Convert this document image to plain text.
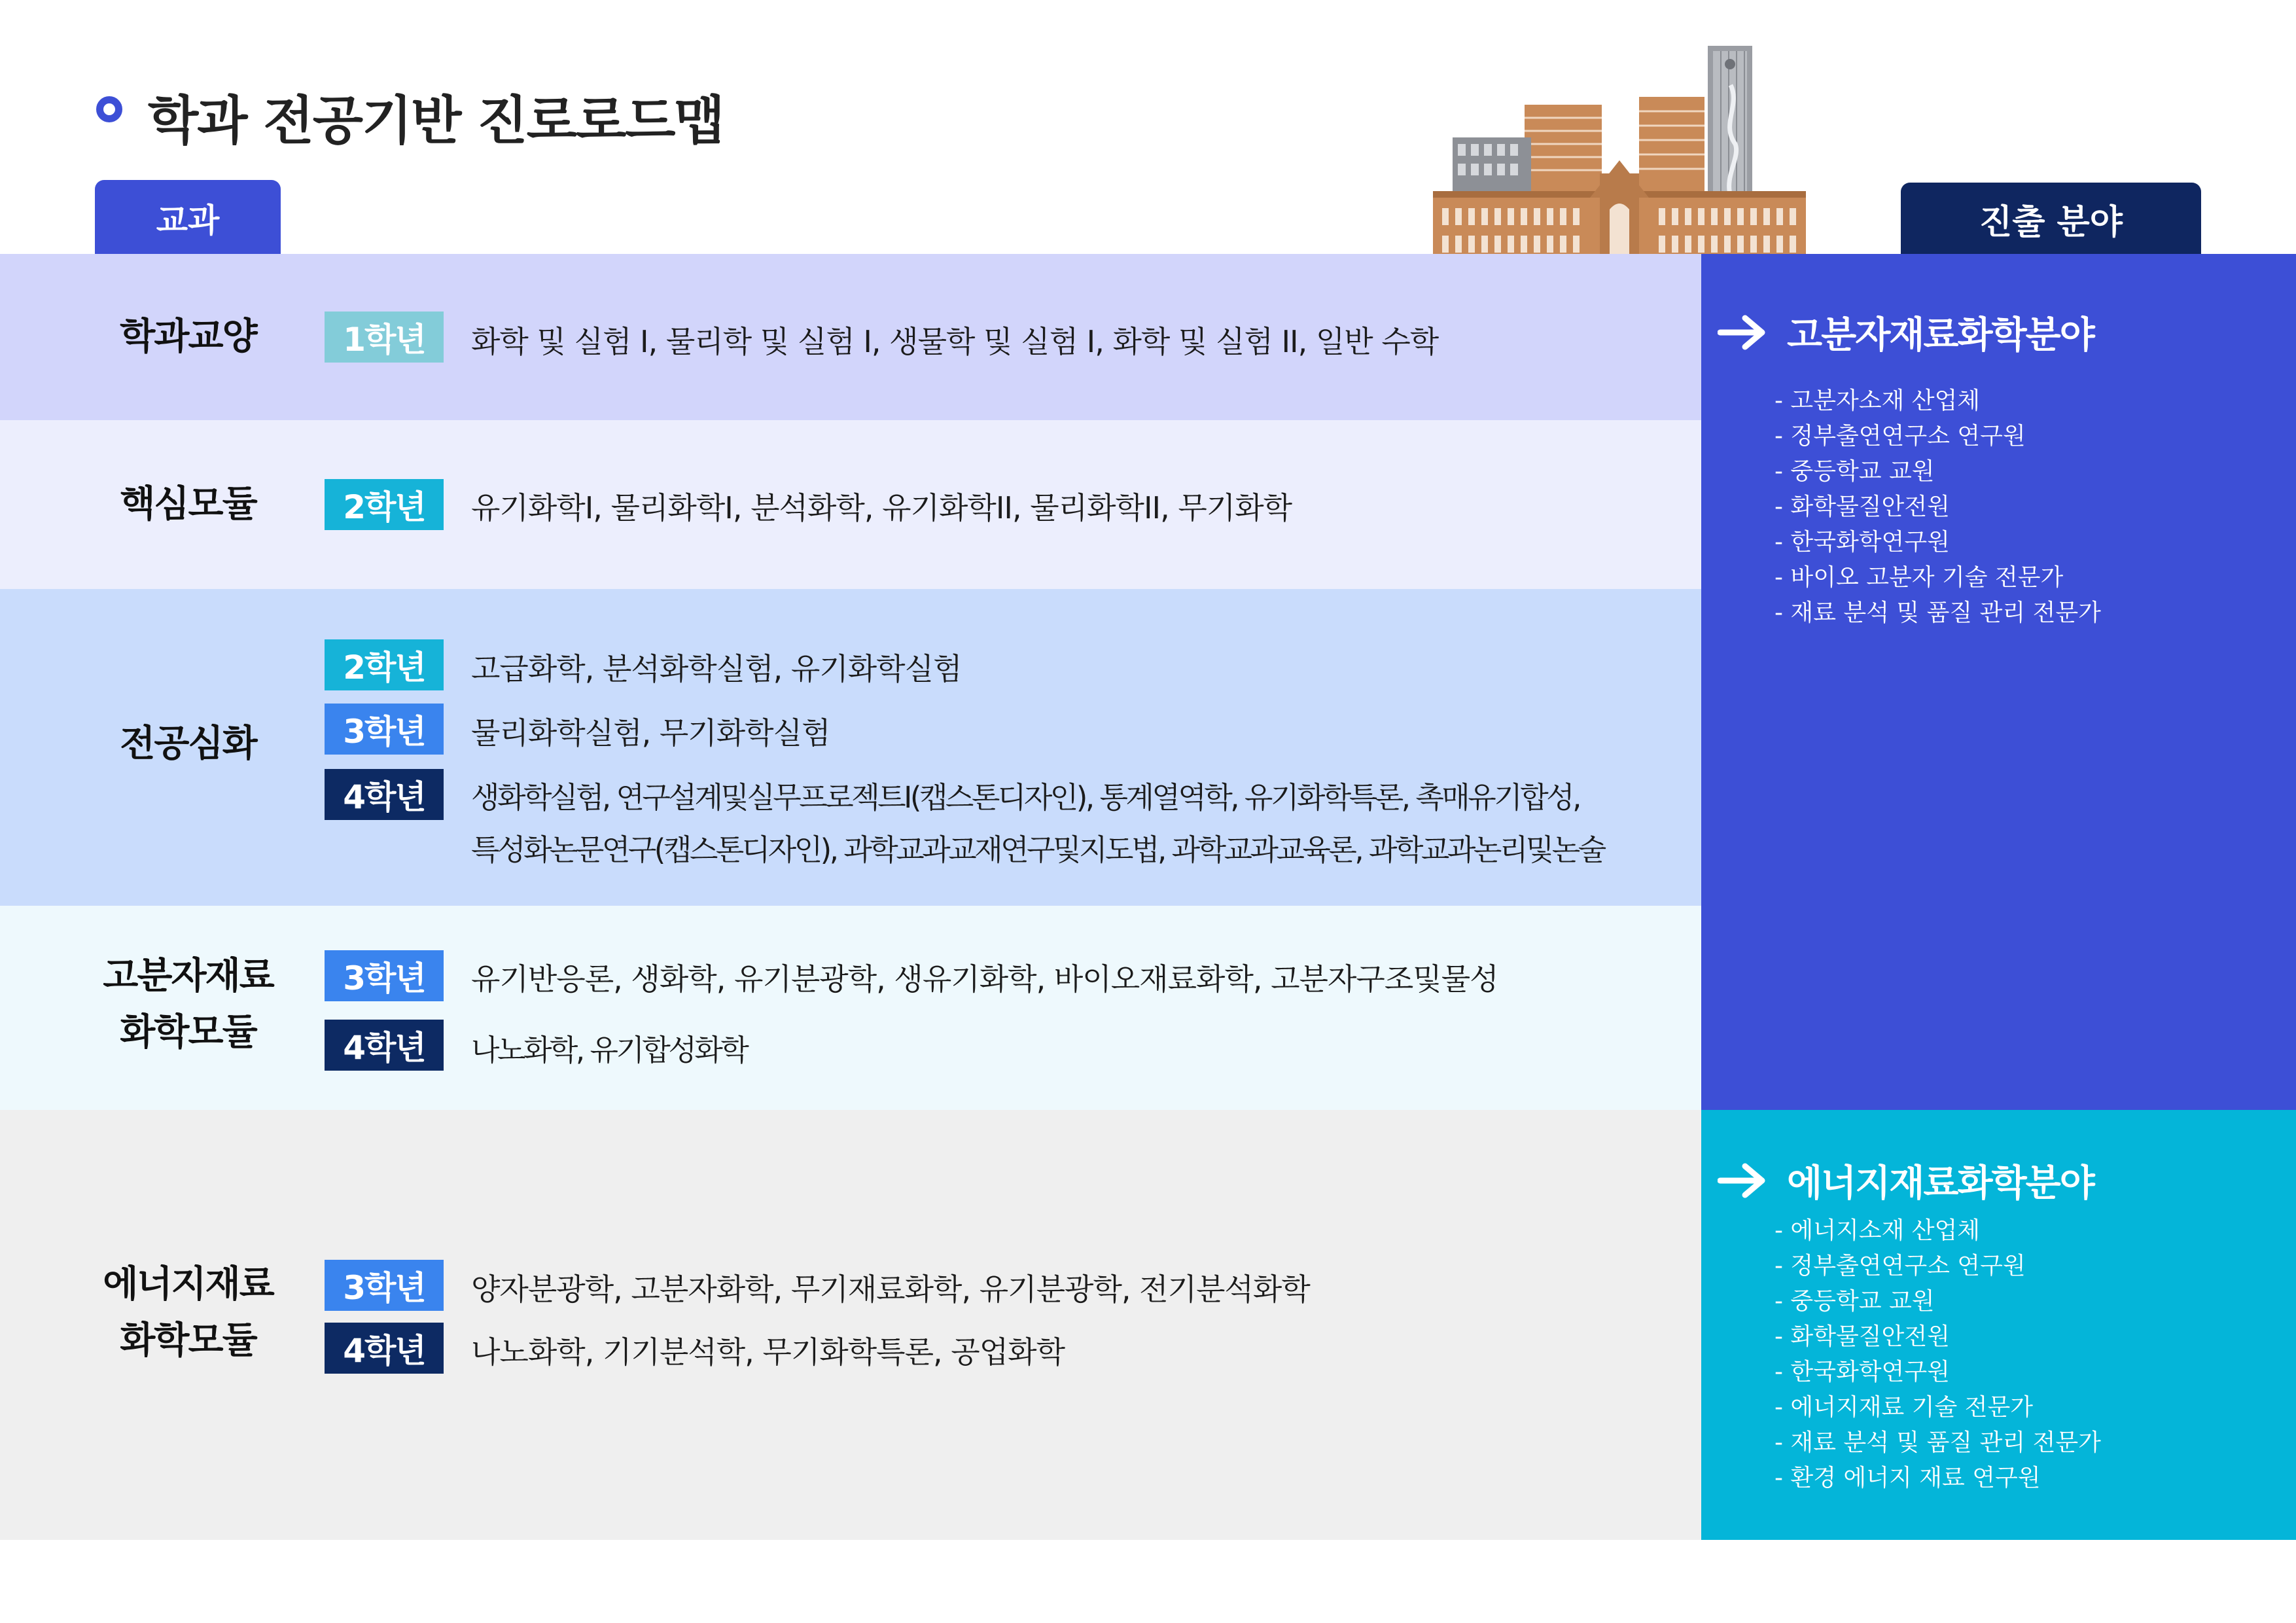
학과 전공기반 진로로드맵
교과	진출 분야
학과교양	1학년	화학 및 실험 I, 물리학 및 실험 I, 생물학 및 실험 I, 화학 및 실험 II, 일반 수학
핵심모듈	2학년	유기화학I, 물리화학I, 분석화학, 유기화학II, 물리화학II, 무기화학
전공심화
2학년	고급화학, 분석화학실험, 유기화학실험
3학년	물리화학실험, 무기화학실험
4학년	생화학실험, 연구설계및실무프로젝트I(캡스톤디자인), 통계열역학, 유기화학특론, 촉매유기합성,
특성화논문연구(캡스톤디자인), 과학교과교재연구및지도법, 과학교과교육론, 과학교과논리및논술
고분자재료
화학모듈
3학년	유기반응론, 생화학, 유기분광학, 생유기화학, 바이오재료화학, 고분자구조및물성
4학년	나노화학, 유기합성화학
에너지재료
화학모듈
3학년	양자분광학, 고분자화학, 무기재료화학, 유기분광학, 전기분석화학
4학년	나노화학, 기기분석학, 무기화학특론, 공업화학
고분자재료화학분야
- 고분자소재 산업체
- 정부출연연구소 연구원
- 중등학교 교원
- 화학물질안전원
- 한국화학연구원
- 바이오 고분자 기술 전문가
- 재료 분석 및 품질 관리 전문가
에너지재료화학분야
- 에너지소재 산업체
- 정부출연연구소 연구원
- 중등학교 교원
- 화학물질안전원
- 한국화학연구원
- 에너지재료 기술 전문가
- 재료 분석 및 품질 관리 전문가
- 환경 에너지 재료 연구원
